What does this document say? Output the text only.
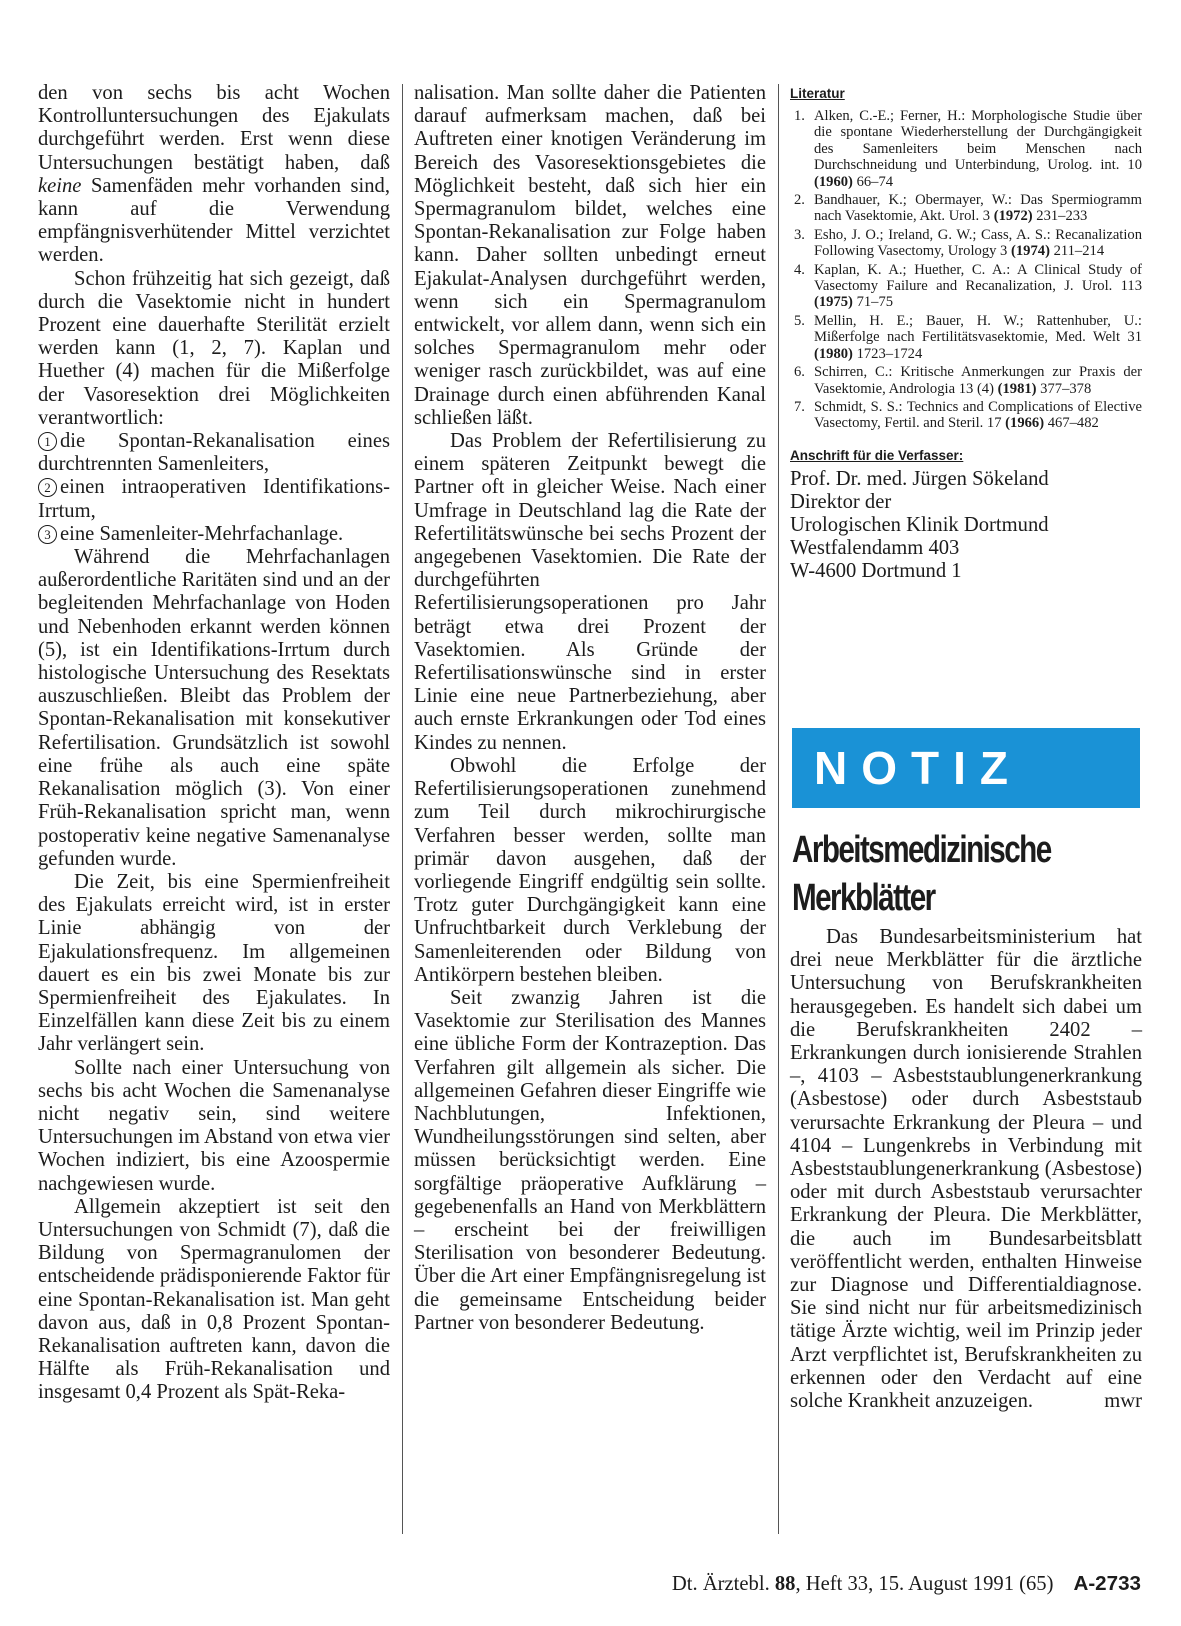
den von sechs bis acht Wochen Kontrolluntersuchungen des Ejakulats durchgeführt werden. Erst wenn diese Untersuchungen bestätigt haben, daß keine Samenfäden mehr vorhanden sind, kann auf die Verwendung empfängnisverhütender Mittel verzichtet werden.

Schon frühzeitig hat sich gezeigt, daß durch die Vasektomie nicht in hundert Prozent eine dauerhafte Sterilität erzielt werden kann (1, 2, 7). Kaplan und Huether (4) machen für die Mißerfolge der Vasoresektion drei Möglichkeiten verantwortlich:

1 die Spontan-Rekanalisation eines durchtrennten Samenleiters,

2 einen intraoperativen Identifikations-Irrtum,

3 eine Samenleiter-Mehrfachanlage.

Während die Mehrfachanlagen außerordentliche Raritäten sind und an der begleitenden Mehrfachanlage von Hoden und Nebenhoden erkannt werden können (5), ist ein Identifikations-Irrtum durch histologische Untersuchung des Resektats auszuschließen. Bleibt das Problem der Spontan-Rekanalisation mit konsekutiver Refertilisation. Grundsätzlich ist sowohl eine frühe als auch eine späte Rekanalisation möglich (3). Von einer Früh-Rekanalisation spricht man, wenn postoperativ keine negative Samenanalyse gefunden wurde.

Die Zeit, bis eine Spermienfreiheit des Ejakulats erreicht wird, ist in erster Linie abhängig von der Ejakulationsfrequenz. Im allgemeinen dauert es ein bis zwei Monate bis zur Spermienfreiheit des Ejakulates. In Einzelfällen kann diese Zeit bis zu einem Jahr verlängert sein.

Sollte nach einer Untersuchung von sechs bis acht Wochen die Samenanalyse nicht negativ sein, sind weitere Untersuchungen im Abstand von etwa vier Wochen indiziert, bis eine Azoospermie nachgewiesen wurde.

Allgemein akzeptiert ist seit den Untersuchungen von Schmidt (7), daß die Bildung von Spermagranulomen der entscheidende prädisponierende Faktor für eine Spontan-Rekanalisation ist. Man geht davon aus, daß in 0,8 Prozent Spontan-Rekanalisation auftreten kann, davon die Hälfte als Früh-Rekanalisation und insgesamt 0,4 Prozent als Spät-Reka-

nalisation. Man sollte daher die Patienten darauf aufmerksam machen, daß bei Auftreten einer knotigen Veränderung im Bereich des Vasoresektionsgebietes die Möglichkeit besteht, daß sich hier ein Spermagranulom bildet, welches eine Spontan-Rekanalisation zur Folge haben kann. Daher sollten unbedingt erneut Ejakulat-Analysen durchgeführt werden, wenn sich ein Spermagranulom entwickelt, vor allem dann, wenn sich ein solches Spermagranulom mehr oder weniger rasch zurückbildet, was auf eine Drainage durch einen abführenden Kanal schließen läßt.

Das Problem der Refertilisierung zu einem späteren Zeitpunkt bewegt die Partner oft in gleicher Weise. Nach einer Umfrage in Deutschland lag die Rate der Refertilitätswünsche bei sechs Prozent der angegebenen Vasektomien. Die Rate der durchgeführten Refertilisierungsoperationen pro Jahr beträgt etwa drei Prozent der Vasektomien. Als Gründe der Refertilisationswünsche sind in erster Linie eine neue Partnerbeziehung, aber auch ernste Erkrankungen oder Tod eines Kindes zu nennen.

Obwohl die Erfolge der Refertilisierungsoperationen zunehmend zum Teil durch mikrochirurgische Verfahren besser werden, sollte man primär davon ausgehen, daß der vorliegende Eingriff endgültig sein sollte. Trotz guter Durchgängigkeit kann eine Unfruchtbarkeit durch Verklebung der Samenleiterenden oder Bildung von Antikörpern bestehen bleiben.

Seit zwanzig Jahren ist die Vasektomie zur Sterilisation des Mannes eine übliche Form der Kontrazeption. Das Verfahren gilt allgemein als sicher. Die allgemeinen Gefahren dieser Eingriffe wie Nachblutungen, Infektionen, Wundheilungsstörungen sind selten, aber müssen berücksichtigt werden. Eine sorgfältige präoperative Aufklärung – gegebenenfalls an Hand von Merkblättern – erscheint bei der freiwilligen Sterilisation von besonderer Bedeutung. Über die Art einer Empfängnisregelung ist die gemeinsame Entscheidung beider Partner von besonderer Bedeutung.

Literatur
1. Alken, C.-E.; Ferner, H.: Morphologische Studie über die spontane Wiederherstellung der Durchgängigkeit des Samenleiters beim Menschen nach Durchschneidung und Unterbindung, Urolog. int. 10 (1960) 66–74
2. Bandhauer, K.; Obermayer, W.: Das Spermiogramm nach Vasektomie, Akt. Urol. 3 (1972) 231–233
3. Esho, J. O.; Ireland, G. W.; Cass, A. S.: Recanalization Following Vasectomy, Urology 3 (1974) 211–214
4. Kaplan, K. A.; Huether, C. A.: A Clinical Study of Vasectomy Failure and Recanalization, J. Urol. 113 (1975) 71–75
5. Mellin, H. E.; Bauer, H. W.; Rattenhuber, U.: Mißerfolge nach Fertilitätsvasektomie, Med. Welt 31 (1980) 1723–1724
6. Schirren, C.: Kritische Anmerkungen zur Praxis der Vasektomie, Andrologia 13 (4) (1981) 377–378
7. Schmidt, S. S.: Technics and Complications of Elective Vasectomy, Fertil. and Steril. 17 (1966) 467–482
Anschrift für die Verfasser:
Prof. Dr. med. Jürgen Sökeland
Direktor der
Urologischen Klinik Dortmund
Westfalendamm 403
W-4600 Dortmund 1
NOTIZ
Arbeitsmedizinische
Merkblätter

Das Bundesarbeitsministerium hat drei neue Merkblätter für die ärztliche Untersuchung von Berufskrankheiten herausgegeben. Es handelt sich dabei um die Berufskrankheiten 2402 – Erkrankungen durch ionisierende Strahlen –, 4103 – Asbeststaublungenerkrankung (Asbestose) oder durch Asbeststaub verursachte Erkrankung der Pleura – und 4104 – Lungenkrebs in Verbindung mit Asbeststaublungenerkrankung (Asbestose) oder mit durch Asbeststaub verursachter Erkrankung der Pleura. Die Merkblätter, die auch im Bundesarbeitsblatt veröffentlicht werden, enthalten Hinweise zur Diagnose und Differentialdiagnose. Sie sind nicht nur für arbeitsmedizinisch tätige Ärzte wichtig, weil im Prinzip jeder Arzt verpflichtet ist, Berufskrankheiten zu erkennen oder den Verdacht auf eine solche Krankheit anzuzeigen.	mwr

Dt. Ärztebl. 88, Heft 33, 15. August 1991 (65) A-2733
